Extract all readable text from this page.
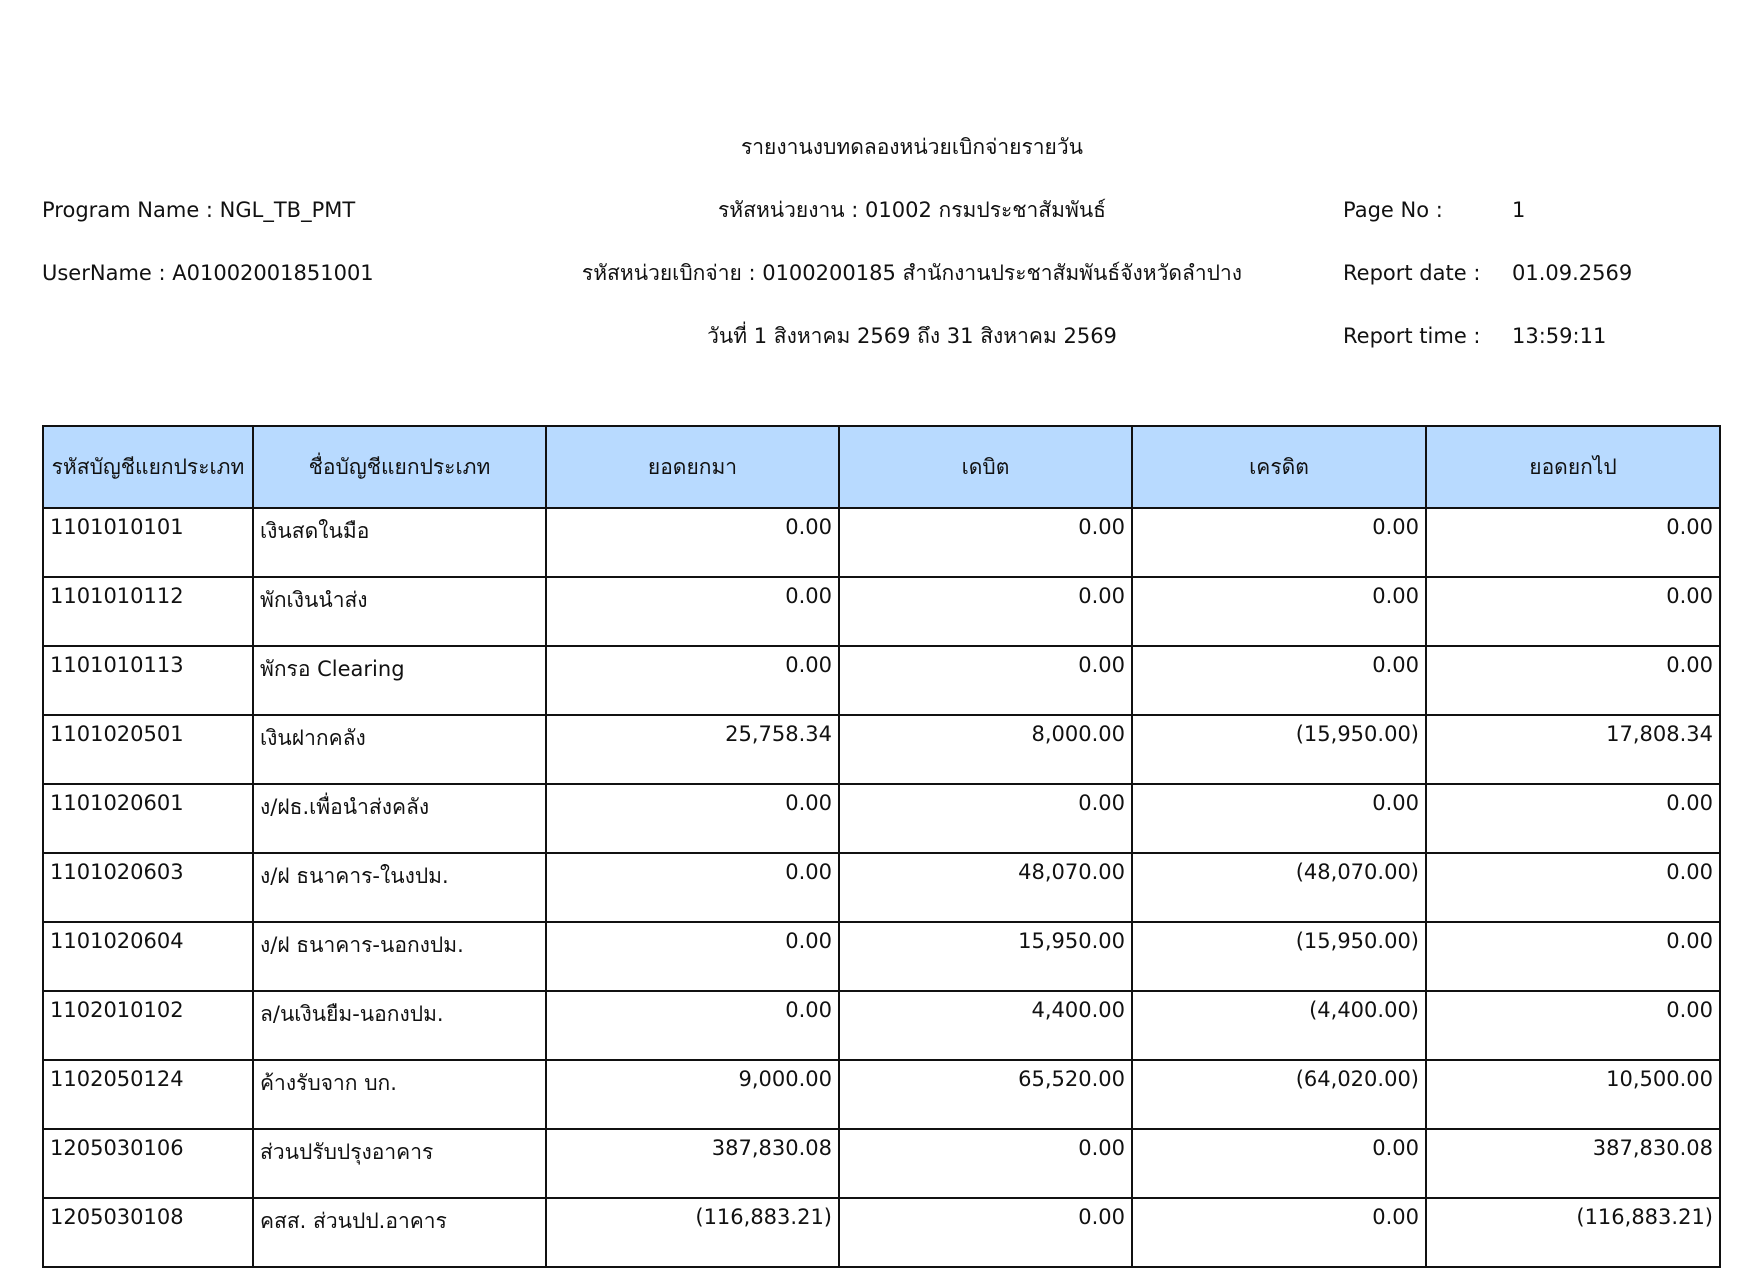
รายงานงบทดลองหน่วยเบิกจ่ายรายวัน
รหัสหน่วยงาน : 01002 กรมประชาสัมพันธ์
รหัสหน่วยเบิกจ่าย : 0100200185 สำนักงานประชาสัมพันธ์จังหวัดลำปาง
วันที่ 1 สิงหาคม 2569 ถึง 31 สิงหาคม 2569
Program Name : NGL_TB_PMT
UserName : A01002001851001
Page No :	1
Report date : 01.09.2569
Report time : 13:59:11
รหัสบัญชีแยกประเภท	ชื่อบัญชีแยกประเภท	ยอดยกมา	เดบิต	เครดิต	ยอดยกไป
1101010101	เงินสดในมือ	0.00	0.00	0.00	0.00
1101010112	พักเงินนำส่ง	0.00	0.00	0.00	0.00
1101010113	พักรอ Clearing	0.00	0.00	0.00	0.00
1101020501	เงินฝากคลัง	25,758.34	8,000.00	(15,950.00)	17,808.34
1101020601	ง/ฝธ.เพื่อนำส่งคลัง	0.00	0.00	0.00	0.00
1101020603	ง/ฝ ธนาคาร-ในงปม.	0.00	48,070.00	(48,070.00)	0.00
1101020604	ง/ฝ ธนาคาร-นอกงปม.	0.00	15,950.00	(15,950.00)	0.00
1102010102	ล/นเงินยืม-นอกงปม.	0.00	4,400.00	(4,400.00)	0.00
1102050124	ค้างรับจาก บก.	9,000.00	65,520.00	(64,020.00)	10,500.00
1205030106	ส่วนปรับปรุงอาคาร	387,830.08	0.00	0.00	387,830.08
1205030108	คสส. ส่วนปป.อาคาร	(116,883.21)	0.00	0.00	(116,883.21)
